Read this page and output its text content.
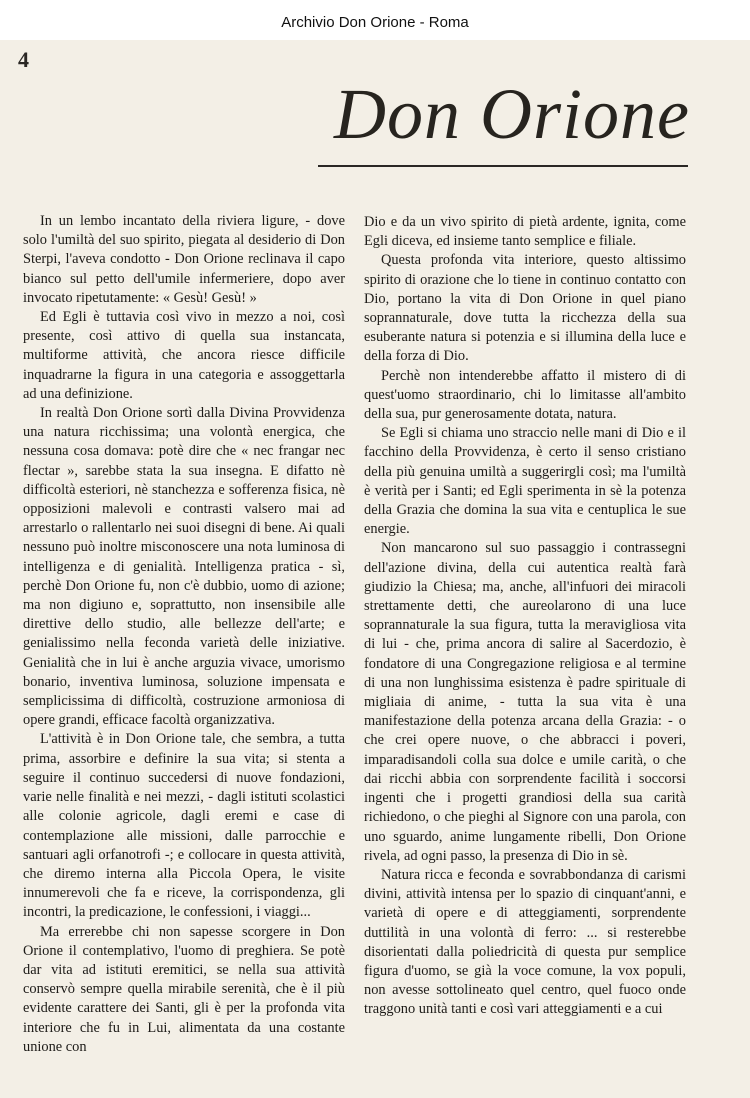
Archivio Don Orione - Roma
4
Don Orione

In un lembo incantato della riviera ligure, - dove solo l'umiltà del suo spirito, piegata al desiderio di Don Sterpi, l'aveva condotto - Don Orione reclinava il capo bianco sul petto dell'umile infermeriere, dopo aver invocato ripetutamente: « Gesù! Gesù! »

Ed Egli è tuttavia così vivo in mezzo a noi, così presente, così attivo di quella sua instancata, multiforme attività, che ancora riesce difficile inquadrarne la figura in una categoria e assoggettarla ad una definizione.

In realtà Don Orione sortì dalla Divina Provvidenza una natura ricchissima; una volontà energica, che nessuna cosa domava: potè dire che « nec frangar nec flectar », sarebbe stata la sua insegna. E difatto nè difficoltà esteriori, nè stanchezza e sofferenza fisica, nè opposizioni malevoli e contrasti valsero mai ad arrestarlo o rallentarlo nei suoi disegni di bene. Ai quali nessuno può inoltre misconoscere una nota luminosa di intelligenza e di genialità. Intelligenza pratica - sì, perchè Don Orione fu, non c'è dubbio, uomo di azione; ma non digiuno e, soprattutto, non insensibile alle direttive dello studio, alle bellezze dell'arte; e genialissimo nella feconda varietà delle iniziative. Genialità che in lui è anche arguzia vivace, umorismo bonario, inventiva luminosa, soluzione impensata e semplicissima di difficoltà, costruzione armoniosa di opere grandi, efficace facoltà organizzativa.

L'attività è in Don Orione tale, che sembra, a tutta prima, assorbire e definire la sua vita; si stenta a seguire il continuo succedersi di nuove fondazioni, varie nelle finalità e nei mezzi, - dagli istituti scolastici alle colonie agricole, dagli eremi e case di contemplazione alle missioni, dalle parrocchie e santuari agli orfanotrofi -; e collocare in questa attività, che diremo interna alla Piccola Opera, le visite innumerevoli che fa e riceve, la corrispondenza, gli incontri, la predicazione, le confessioni, i viaggi...

Ma errerebbe chi non sapesse scorgere in Don Orione il contemplativo, l'uomo di preghiera. Se potè dar vita ad istituti eremitici, se nella sua attività conservò sempre quella mirabile serenità, che è il più evidente carattere dei Santi, gli è per la profonda vita interiore che fu in Lui, alimentata da una costante unione con

Dio e da un vivo spirito di pietà ardente, ignita, come Egli diceva, ed insieme tanto semplice e filiale.

Questa profonda vita interiore, questo altissimo spirito di orazione che lo tiene in continuo contatto con Dio, portano la vita di Don Orione in quel piano soprannaturale, dove tutta la ricchezza della sua esuberante natura si potenzia e si illumina della luce e della forza di Dio.

Perchè non intenderebbe affatto il mistero di di quest'uomo straordinario, chi lo limitasse all'ambito della sua, pur generosamente dotata, natura.

Se Egli si chiama uno straccio nelle mani di Dio e il facchino della Provvidenza, è certo il senso cristiano della più genuina umiltà a suggerirgli così; ma l'umiltà è verità per i Santi; ed Egli sperimenta in sè la potenza della Grazia che domina la sua vita e centuplica le sue energie.

Non mancarono sul suo passaggio i contrassegni dell'azione divina, della cui autentica realtà farà giudizio la Chiesa; ma, anche, all'infuori dei miracoli strettamente detti, che aureolarono di una luce soprannaturale la sua figura, tutta la meravigliosa vita di lui - che, prima ancora di salire al Sacerdozio, è fondatore di una Congregazione religiosa e al termine di una non lunghissima esistenza è padre spirituale di migliaia di anime, - tutta la sua vita è una manifestazione della potenza arcana della Grazia: - o che crei opere nuove, o che abbracci i poveri, imparadisandoli colla sua dolce e umile carità, o che dai ricchi abbia con sorprendente facilità i soccorsi ingenti che i progetti grandiosi della sua carità richiedono, o che pieghi al Signore con una parola, con uno sguardo, anime lungamente ribelli, Don Orione rivela, ad ogni passo, la presenza di Dio in sè.

Natura ricca e feconda e sovrabbondanza di carismi divini, attività intensa per lo spazio di cinquant'anni, e varietà di opere e di atteggiamenti, sorprendente duttilità in una volontà di ferro: ... si resterebbe disorientati dalla poliedricità di questa pur semplice figura d'uomo, se già la voce comune, la vox populi, non avesse sottolineato quel centro, quel fuoco onde traggono unità tanti e così vari atteggiamenti e a cui
